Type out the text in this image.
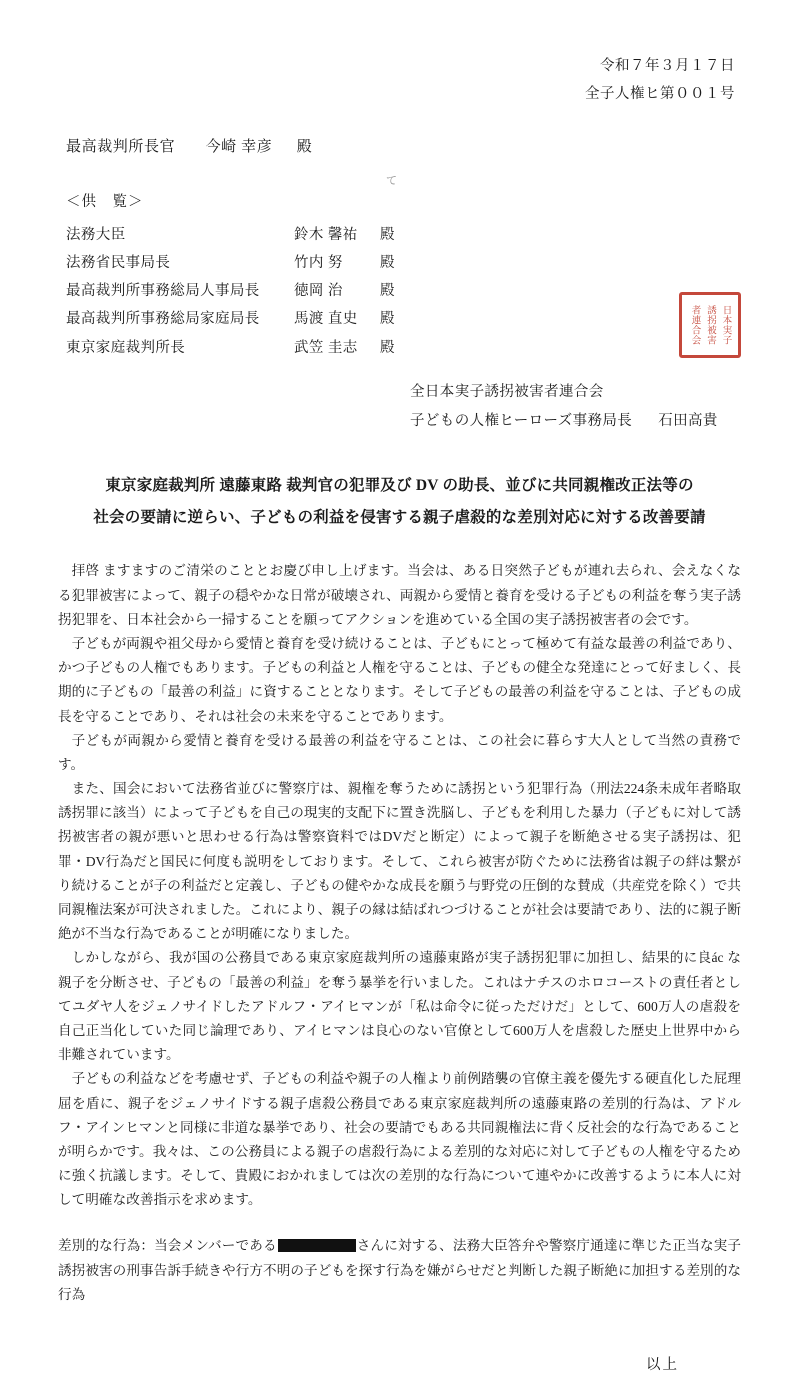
令和７年３月１７日
全子人権ヒ第００１号
最高裁判所長官 今崎 幸彦 殿
＜供　覧＞
法務大臣	鈴木 馨祐	殿
法務省民事局長	竹内 努	殿
最高裁判所事務総局人事局長	徳岡 治	殿
最高裁判所事務総局家庭局長	馬渡 直史	殿
東京家庭裁判所長	武笠 圭志	殿
て
全日本実子誘拐被害者連合会
子どもの人権ヒーローズ事務局長 石田高貴
日本実子
誘拐被害
者連合会
東京家庭裁判所 遠藤東路 裁判官の犯罪及び DV の助長、並びに共同親権改正法等の
社会の要請に逆らい、子どもの利益を侵害する親子虐殺的な差別対応に対する改善要請

拝啓 ますますのご清栄のこととお慶び申し上げます。当会は、ある日突然子どもが連れ去られ、会えなくなる犯罪被害によって、親子の穏やかな日常が破壊され、両親から愛情と養育を受ける子どもの利益を奪う実子誘拐犯罪を、日本社会から一掃することを願ってアクションを進めている全国の実子誘拐被害者の会です。

子どもが両親や祖父母から愛情と養育を受け続けることは、子どもにとって極めて有益な最善の利益であり、かつ子どもの人権でもあります。子どもの利益と人権を守ることは、子どもの健全な発達にとって好ましく、長期的に子どもの「最善の利益」に資することとなります。そして子どもの最善の利益を守ることは、子どもの成長を守ることであり、それは社会の未来を守ることであります。

子どもが両親から愛情と養育を受ける最善の利益を守ることは、この社会に暮らす大人として当然の責務です。

また、国会において法務省並びに警察庁は、親権を奪うために誘拐という犯罪行為（刑法224条未成年者略取誘拐罪に該当）によって子どもを自己の現実的支配下に置き洗脳し、子どもを利用した暴力（子どもに対して誘拐被害者の親が悪いと思わせる行為は警察資料ではDVだと断定）によって親子を断絶させる実子誘拐は、犯罪・DV行為だと国民に何度も説明をしております。そして、これら被害が防ぐために法務省は親子の絆は繋がり続けることが子の利益だと定義し、子どもの健やかな成長を願う与野党の圧倒的な賛成（共産党を除く）で共同親権法案が可決されました。これにより、親子の縁は結ばれつづけることが社会は要請であり、法的に親子断絶が不当な行為であることが明確になりました。

しかしながら、我が国の公務員である東京家庭裁判所の遠藤東路が実子誘拐犯罪に加担し、結果的に良ác な親子を分断させ、子どもの「最善の利益」を奪う暴挙を行いました。これはナチスのホロコーストの責任者としてユダヤ人をジェノサイドしたアドルフ・アイヒマンが「私は命令に従っただけだ」として、600万人の虐殺を自己正当化していた同じ論理であり、アイヒマンは良心のない官僚として600万人を虐殺した歴史上世界中から非難されています。

子どもの利益などを考慮せず、子どもの利益や親子の人権より前例踏襲の官僚主義を優先する硬直化した屁理屈を盾に、親子をジェノサイドする親子虐殺公務員である東京家庭裁判所の遠藤東路の差別的行為は、アドルフ・アインヒマンと同様に非道な暴挙であり、社会の要請でもある共同親権法に背く反社会的な行為であることが明らかです。我々は、この公務員による親子の虐殺行為による差別的な対応に対して子どもの人権を守るために強く抗議します。そして、貴殿におかれましては次の差別的な行為について連やかに改善するように本人に対して明確な改善指示を求めます。

差別的な行為：当会メンバーである	さんに対する、法務大臣答弁や警察庁通達に準じた正当な実子誘拐被害の刑事告訴手続きや行方不明の子どもを探す行為を嫌がらせだと判断した親子断絶に加担する差別的な行為
以上
